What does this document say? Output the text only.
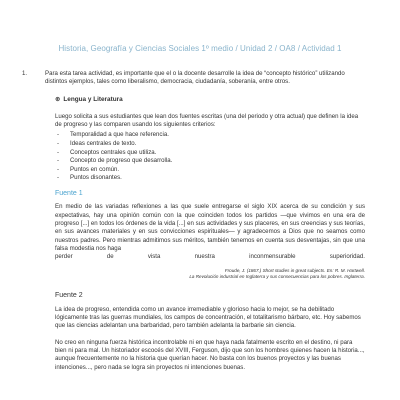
Historia, Geografía y Ciencias Sociales 1º medio / Unidad 2 / OA8 / Actividad 1
1.	Para esta tarea actividad, es importante que el o la docente desarrolle la idea de “concepto histórico” utilizando distintos ejemplos, tales como liberalismo, democracia, ciudadanía, soberanía, entre otros.

⊕ Lengua y Literatura

Luego solicita a sus estudiantes que lean dos fuentes escritas (una del periodo y otra actual) que definen la idea de progreso y las comparen usando los siguientes criterios:

- Temporalidad a que hace referencia.
- Ideas centrales de texto.
- Conceptos centrales que utiliza.
- Concepto de progreso que desarrolla.
- Puntos en común.
- Puntos disonantes.
Fuente 1

En medio de las variadas reflexiones a las que suele entregarse el siglo XIX acerca de su condición y sus expectativas, hay una opinión común con la que coinciden todos los partidos —que vivimos en una era de progreso [...] en todos los órdenes de la vida [...] en sus actividades y sus placeres, en sus creencias y sus teorías, en sus avances materiales y en sus convicciones espirituales— y agradecemos a Dios que no seamos como nuestros padres. Pero mientras admitimos sus méritos, también tenemos en cuenta sus desventajas, sin que una falsa modestia nos haga

perder de vista nuestra inconmensurable superioridad.

Froude, J. (1867.) Short studies in great subjects. En: R. M. Hartwell.
La Revolución industrial en Inglaterra y sus consecuencias para los pobres. Inglaterra.
Fuente 2

La idea de progreso, entendida como un avance irremediable y glorioso hacia lo mejor, se ha debilitado lógicamente tras las guerras mundiales, los campos de concentración, el totalitarismo bárbaro, etc. Hoy sabemos que las ciencias adelantan una barbaridad, pero también adelanta la barbarie sin ciencia.

No creo en ninguna fuerza histórica incontrolable ni en que haya nada fatalmente escrito en el destino, ni para bien ni para mal. Un historiador escocés del XVIII, Ferguson, dijo que son los hombres quienes hacen la historia..., aunque frecuentemente no la historia que querían hacer. No basta con los buenos proyectos y las buenas intenciones..., pero nada se logra sin proyectos ni intenciones buenas.
